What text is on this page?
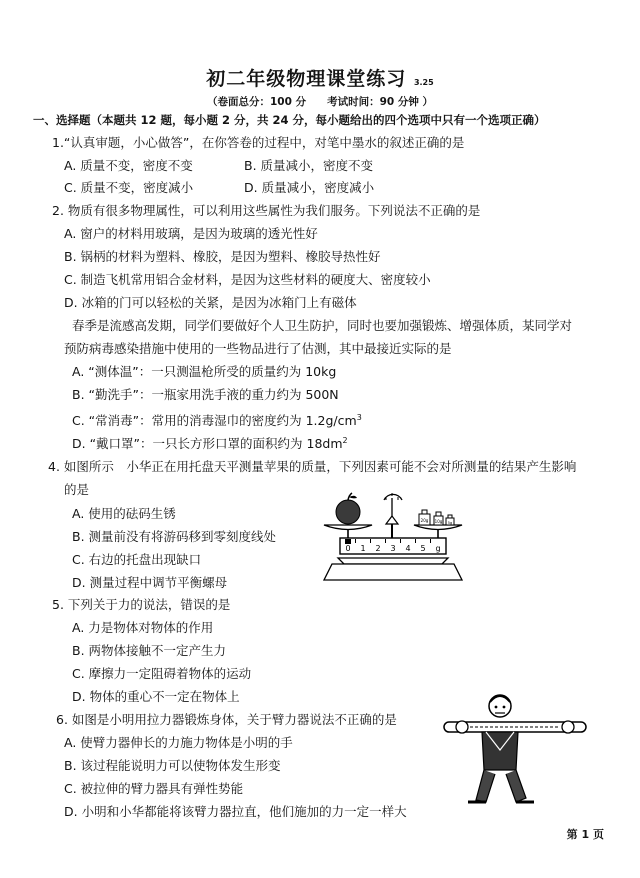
初二年级物理课堂练习 3.25
（卷面总分：100 分　　考试时间：90 分钟 ）
一、选择题（本题共 12 题，每小题 2 分，共 24 分，每小题给出的四个选项中只有一个选项正确）
1.“认真审题，小心做答”，在你答卷的过程中，对笔中墨水的叙述正确的是
A. 质量不变，密度不变	B. 质量减小，密度不变
C. 质量不变，密度减小	D. 质量减小，密度减小
2. 物质有很多物理属性，可以利用这些属性为我们服务。下列说法不正确的是
A. 窗户的材料用玻璃，是因为玻璃的透光性好
B. 锅柄的材料为塑料、橡胶，是因为塑料、橡胶导热性好
C. 制造飞机常用铝合金材料，是因为这些材料的硬度大、密度较小
D. 冰箱的门可以轻松的关紧，是因为冰箱门上有磁体
春季是流感高发期，同学们要做好个人卫生防护，同时也要加强锻炼、增强体质，某同学对
预防病毒感染措施中使用的一些物品进行了估测，其中最接近实际的是
A. “测体温”：一只测温枪所受的质量约为 10kg
B. “勤洗手”：一瓶家用洗手液的重力约为 500N
C. “常消毒”：常用的消毒湿巾的密度约为 $1.2g/cm^3$
D. “戴口罩”：一只长方形口罩的面积约为 $18dm^2$
4. 如图所示　小华正在用托盘天平测量苹果的质量，下列因素可能不会对所测量的结果产生影响
的是
A. 使用的砝码生锈
B. 测量前没有将游码移到零刻度线处
C. 右边的托盘出现缺口
D. 测量过程中调节平衡螺母
20g 10g 5g
0 1 2 3 4 5 g
5. 下列关于力的说法，错误的是
A. 力是物体对物体的作用
B. 两物体接触不一定产生力
C. 摩擦力一定阻碍着物体的运动
D. 物体的重心不一定在物体上
6. 如图是小明用拉力器锻炼身体，关于臂力器说法不正确的是
A. 使臂力器伸长的力施力物体是小明的手
B. 该过程能说明力可以使物体发生形变
C. 被拉伸的臂力器具有弹性势能
D. 小明和小华都能将该臂力器拉直，他们施加的力一定一样大
第 1 页
